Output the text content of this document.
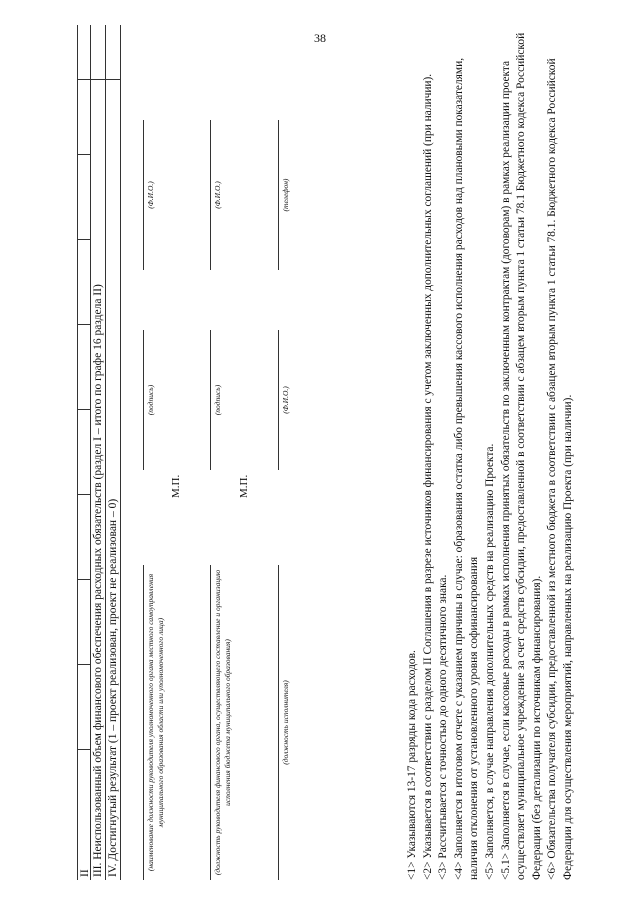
38
II III. Неиспользованный объем финансового обеспечения расходных обязательств (раздел I – итого по графе 16 раздела II) IV. Достигнутый результат (1 – проект реализован, проект не реализован – 0)	(наименование должности руководителя уполномоченного органа местного самоуправления муниципального образования области или уполномоченного лица)
(подпись)
(Ф.И.О.)
М.П.
(должность руководителя финансового органа, осуществляющего составление и организацию исполнения бюджета муниципального образования)
(подпись)
(Ф.И.О.)
М.П.
(должность исполнителя)
(Ф.И.О.)
(телефон)

<1> Указываются 13-17 разряды кода расходов. <2> Указывается в соответствии с разделом II Соглашения в разрезе источников финансирования с учетом заключенных дополнительных соглашений (при наличии). <3> Рассчитывается с точностью до одного десятичного знака. <4> Заполняется в итоговом отчете с указанием причины в случае: образования остатка либо превышения кассового исполнения расходов над плановыми показателями, наличия отклонения от установленного уровня софинансирования <5> Заполняется, в случае направления дополнительных средств на реализацию Проекта. <5.1> Заполняется в случае, если кассовые расходы в рамках исполнения принятых обязательств по заключенным контрактам (договорам) в рамках реализации проекта осуществляет муниципальное учреждение за счет средств субсидии, предоставленной в соответствии с абзацем вторым пункта 1 статьи 78.1 Бюджетного кодекса Российской Федерации (без детализации по источникам финансирования). <6> Обязательства получателя субсидии, предоставленной из местного бюджета в соответствии с абзацем вторым пункта 1 статьи 78.1. Бюджетного кодекса Российской Федерации для осуществления мероприятий, направленных на реализацию Проекта (при наличии).
